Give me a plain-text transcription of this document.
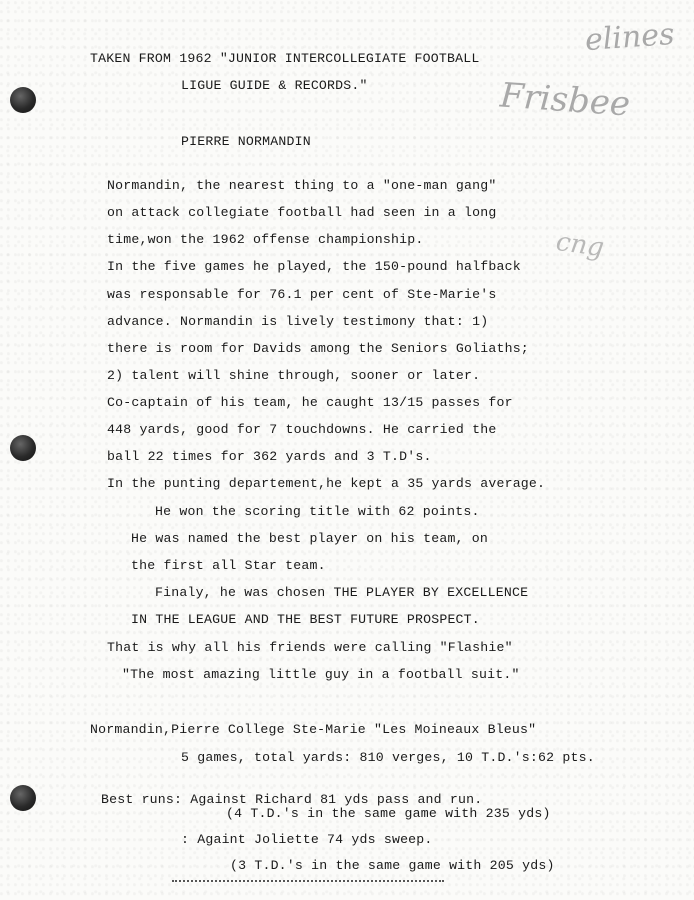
elines
Frisbee
cng
TAKEN FROM 1962 "JUNIOR INTERCOLLEGIATE FOOTBALL
LIGUE GUIDE & RECORDS."
PIERRE NORMANDIN
Normandin, the nearest thing to a "one-man gang"
on attack collegiate football had seen in a long
time,won the 1962 offense championship.
In the five games he played, the 150-pound halfback
was responsable for 76.1 per cent of Ste-Marie's
advance. Normandin is lively testimony that: 1)
there is room for Davids among the Seniors Goliaths;
2) talent will shine through, sooner or later.
Co-captain of his team, he caught 13/15 passes for
448 yards, good for 7 touchdowns. He carried the
ball 22 times for 362 yards and 3 T.D's.
In the punting departement,he kept a 35 yards average.
He won the scoring title with 62 points.
He was named the best player on his team, on
the first all Star team.
Finaly, he was chosen THE PLAYER BY EXCELLENCE
IN THE LEAGUE AND THE BEST FUTURE PROSPECT.
That is why all his friends were calling "Flashie"
"The most amazing little guy in a football suit."
Normandin,Pierre College Ste-Marie "Les Moineaux Bleus"
5 games, total yards: 810 verges, 10 T.D.'s:62 pts.
Best runs: Against Richard 81 yds pass and run.
(4 T.D.'s in the same game with 235 yds)
: Againt Joliette 74 yds sweep.
(3 T.D.'s in the same game with 205 yds)
